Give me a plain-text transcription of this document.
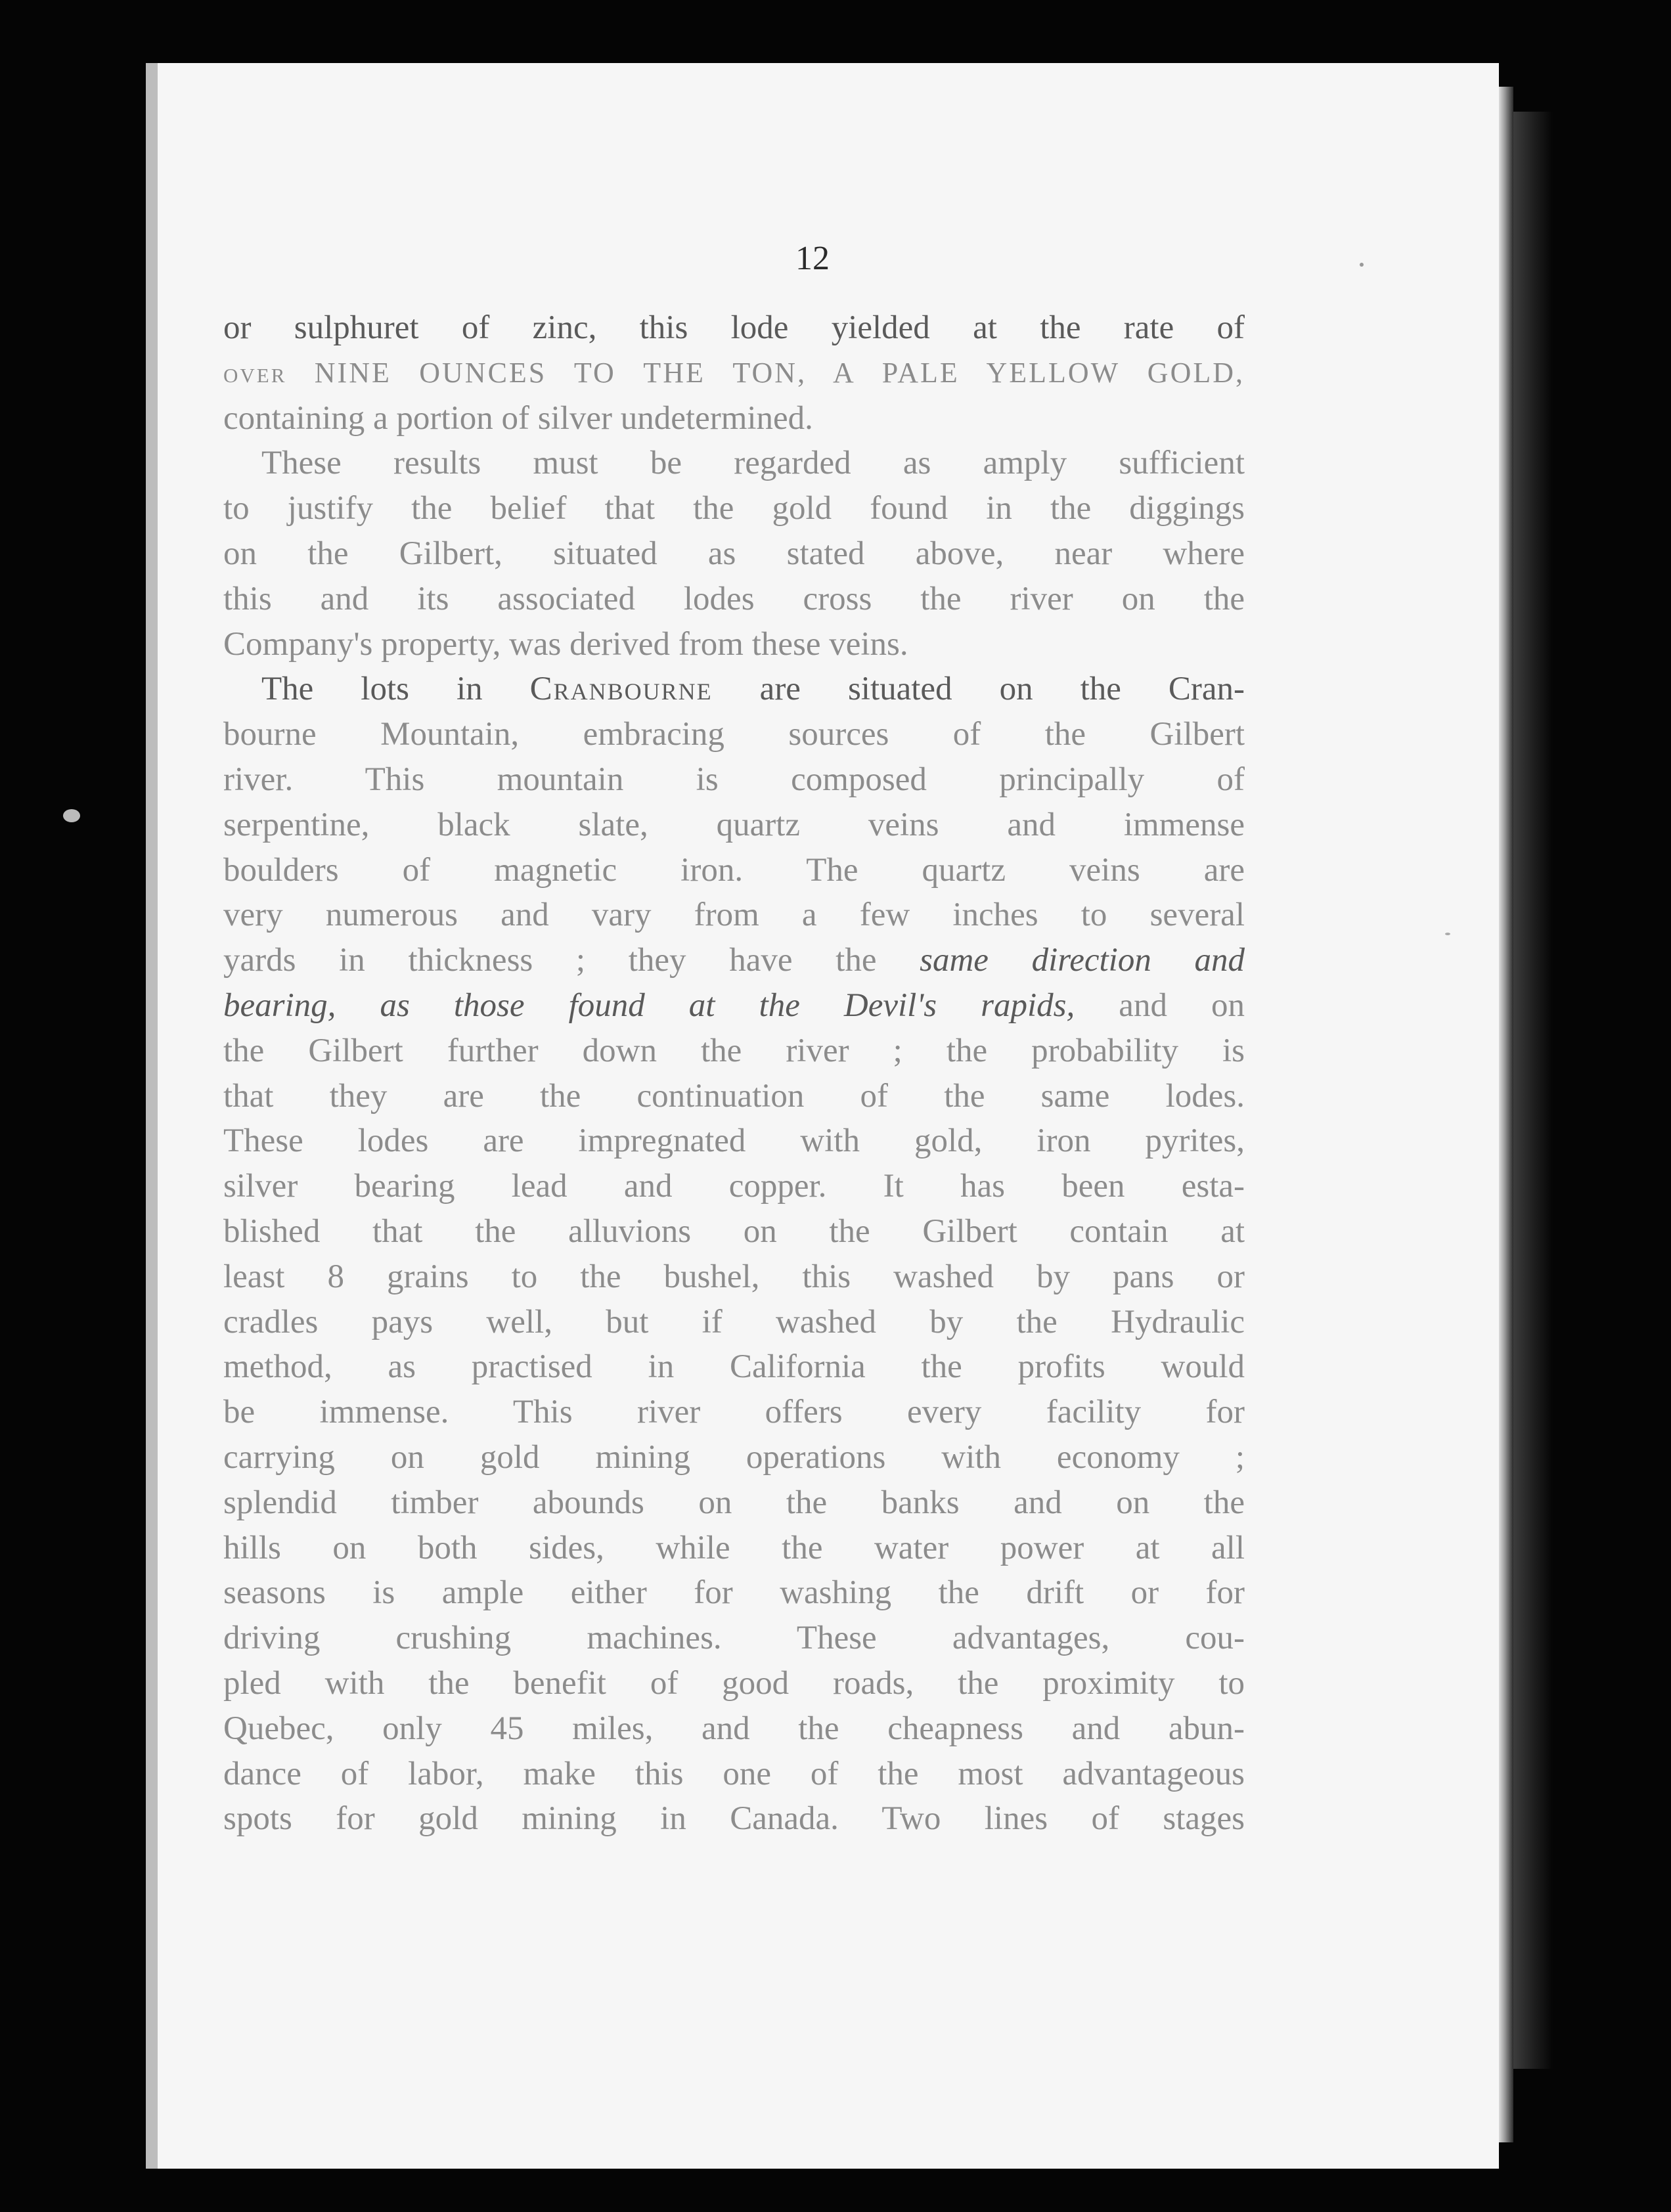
12
or sulphuret of zinc, this lode yielded at the rate of
over NINE OUNCES TO THE TON, A PALE YELLOW GOLD,
containing a portion of silver undetermined.
These results must be regarded as amply sufficient
to justify the belief that the gold found in the diggings
on the Gilbert, situated as stated above, near where
this and its associated lodes cross the river on the
Company's property, was derived from these veins.
The lots in Cranbourne are situated on the Cran-
bourne Mountain, embracing sources of the Gilbert
river. This mountain is composed principally of
serpentine, black slate, quartz veins and immense
boulders of magnetic iron. The quartz veins are
very numerous and vary from a few inches to several
yards in thickness ; they have the same direction and
bearing, as those found at the Devil's rapids, and on
the Gilbert further down the river ; the probability is
that they are the continuation of the same lodes.
These lodes are impregnated with gold, iron pyrites,
silver bearing lead and copper. It has been esta-
blished that the alluvions on the Gilbert contain at
least 8 grains to the bushel, this washed by pans or
cradles pays well, but if washed by the Hydraulic
method, as practised in California the profits would
be immense. This river offers every facility for
carrying on gold mining operations with economy ;
splendid timber abounds on the banks and on the
hills on both sides, while the water power at all
seasons is ample either for washing the drift or for
driving crushing machines. These advantages, cou-
pled with the benefit of good roads, the proximity to
Quebec, only 45 miles, and the cheapness and abun-
dance of labor, make this one of the most advantageous
spots for gold mining in Canada. Two lines of stages
